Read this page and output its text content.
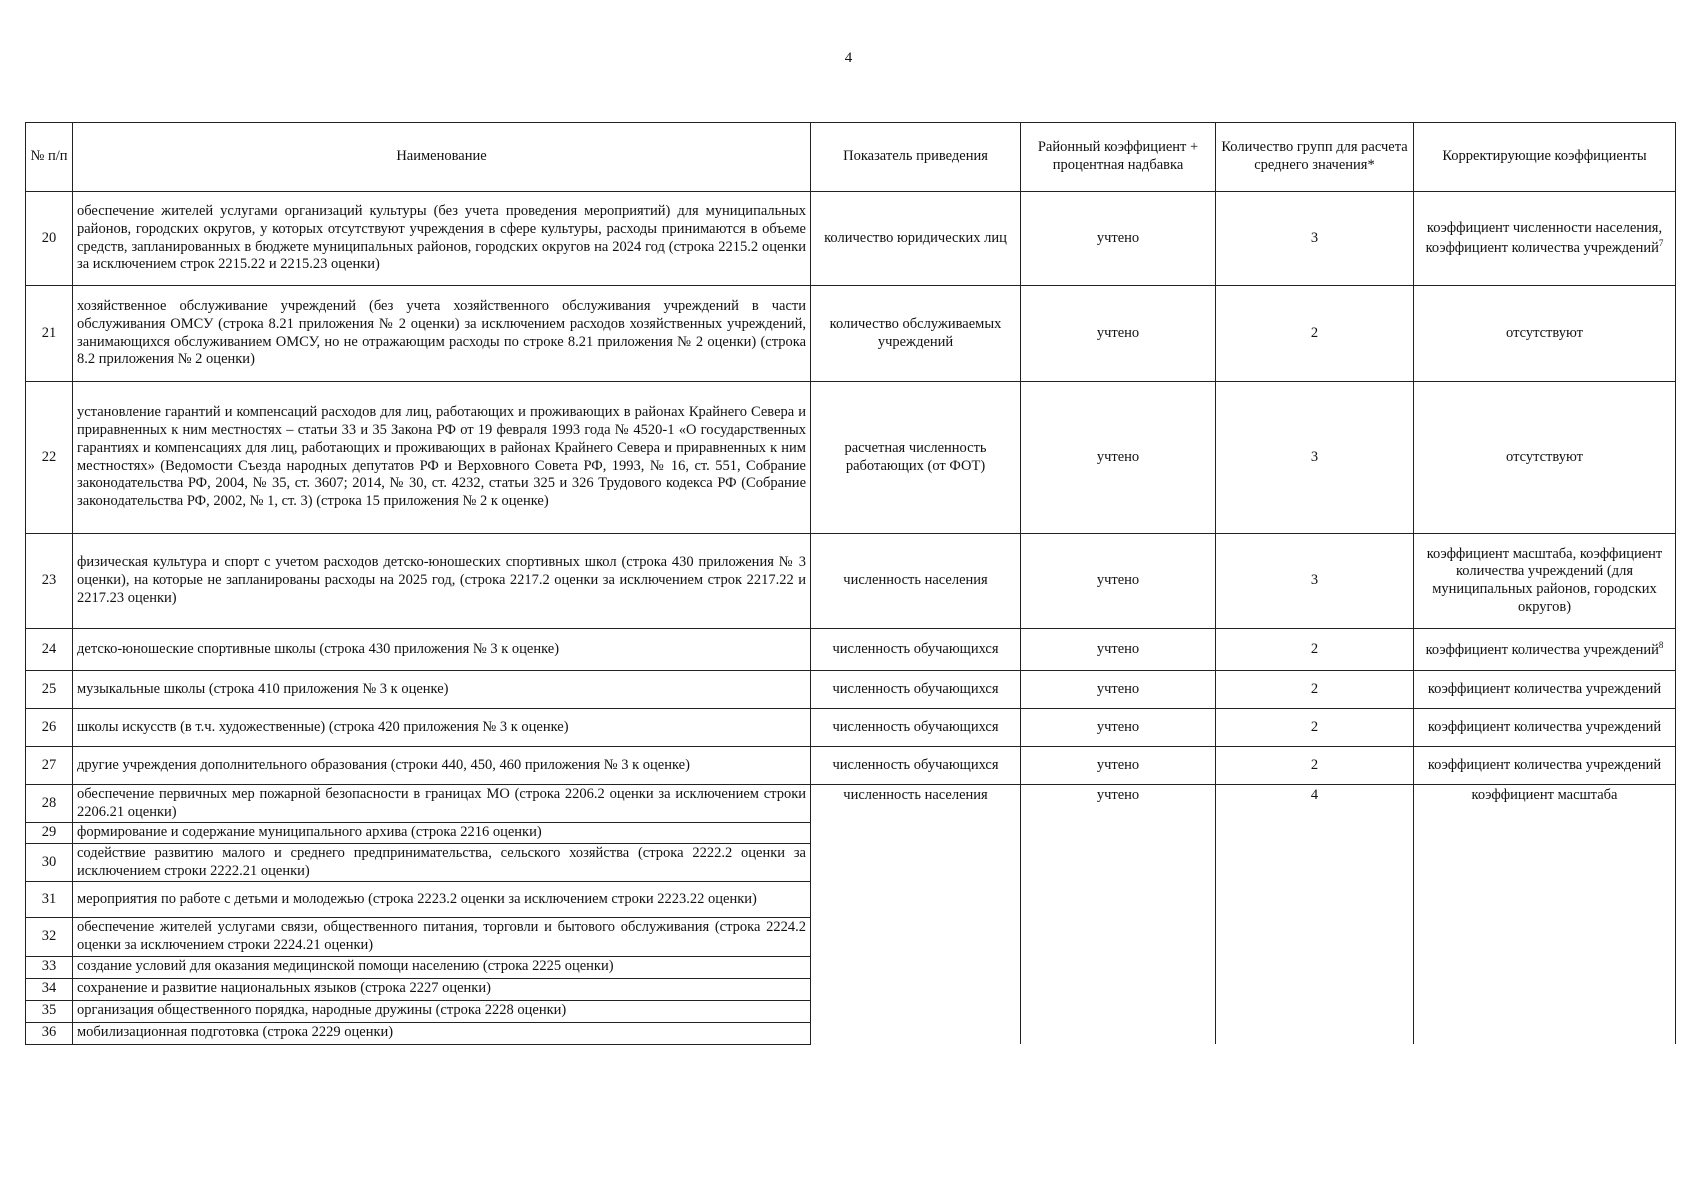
4
№ п/п	Наименование	Показатель приведения	Районный коэффициент + процентная надбавка	Количество групп для расчета среднего значения*	Корректирующие коэффициенты
20	обеспечение жителей услугами организаций культуры (без учета проведения мероприятий) для муниципальных районов, городских округов, у которых отсутствуют учреждения в сфере культуры, расходы принимаются в объеме средств, запланированных в бюджете муниципальных районов, городских округов на 2024 год (строка 2215.2 оценки за исключением строк 2215.22 и 2215.23 оценки)	количество юридических лиц	учтено	3	коэффициент численности населения, коэффициент количества учреждений$^7$
21	хозяйственное обслуживание учреждений (без учета хозяйственного обслуживания учреждений в части обслуживания ОМСУ (строка 8.21 приложения № 2 оценки) за исключением расходов хозяйственных учреждений, занимающихся обслуживанием ОМСУ, но не отражающим расходы по строке 8.21 приложения № 2 оценки) (строка 8.2 приложения № 2 оценки)	количество обслуживаемых учреждений	учтено	2	отсутствуют
22	установление гарантий и компенсаций расходов для лиц, работающих и проживающих в районах Крайнего Севера и приравненных к ним местностях – статьи 33 и 35 Закона РФ от 19 февраля 1993 года № 4520-1 «О государственных гарантиях и компенсациях для лиц, работающих и проживающих в районах Крайнего Севера и приравненных к ним местностях» (Ведомости Съезда народных депутатов РФ и Верховного Совета РФ, 1993, № 16, ст. 551, Собрание законодательства РФ, 2004, № 35, ст. 3607; 2014, № 30, ст. 4232, статьи 325 и 326 Трудового кодекса РФ (Собрание законодательства РФ, 2002, № 1, ст. 3) (строка 15 приложения № 2 к оценке)	расчетная численность работающих (от ФОТ)	учтено	3	отсутствуют
23	физическая культура и спорт с учетом расходов детско-юношеских спортивных школ (строка 430 приложения № 3 оценки), на которые не запланированы расходы на 2025 год, (строка 2217.2 оценки за исключением строк 2217.22 и 2217.23 оценки)	численность населения	учтено	3	коэффициент масштаба, коэффициент количества учреждений (для муниципальных районов, городских округов)
24	детско-юношеские спортивные школы (строка 430 приложения № 3 к оценке)	численность обучающихся	учтено	2	коэффициент количества учреждений$^8$
25	музыкальные школы (строка 410 приложения № 3 к оценке)	численность обучающихся	учтено	2	коэффициент количества учреждений
26	школы искусств (в т.ч. художественные) (строка 420 приложения № 3 к оценке)	численность обучающихся	учтено	2	коэффициент количества учреждений
27	другие учреждения дополнительного образования (строки 440, 450, 460 приложения № 3 к оценке)	численность обучающихся	учтено	2	коэффициент количества учреждений
28	обеспечение первичных мер пожарной безопасности в границах МО (строка 2206.2 оценки за исключением строки 2206.21 оценки)	численность населения	учтено	4	коэффициент масштаба
29	формирование и содержание муниципального архива (строка 2216 оценки)				
30	содействие развитию малого и среднего предпринимательства, сельского хозяйства (строка 2222.2 оценки за исключением строки 2222.21 оценки)				
31	мероприятия по работе с детьми и молодежью (строка 2223.2 оценки за исключением строки 2223.22 оценки)				
32	обеспечение жителей услугами связи, общественного питания, торговли и бытового обслуживания (строка 2224.2 оценки за исключением строки 2224.21 оценки)				
33	создание условий для оказания медицинской помощи населению (строка 2225 оценки)				
34	сохранение и развитие национальных языков (строка 2227 оценки)				
35	организация общественного порядка, народные дружины (строка 2228 оценки)				
36	мобилизационная подготовка (строка 2229 оценки)				
